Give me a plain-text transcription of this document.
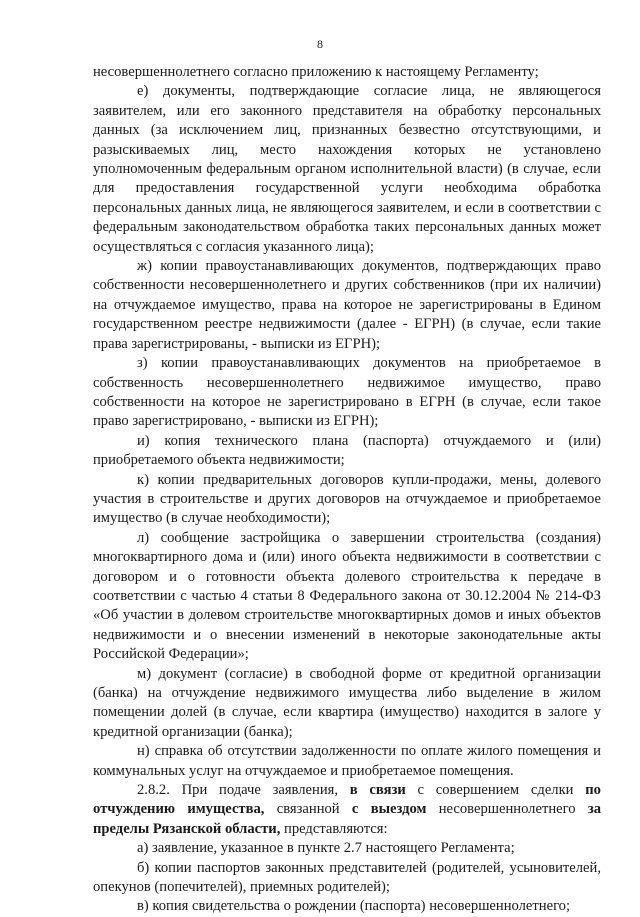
8

несовершеннолетнего согласно приложению к настоящему Регламенту;

е) документы, подтверждающие согласие лица, не являющегося заявителем, или его законного представителя на обработку персональных данных (за исключением лиц, признанных безвестно отсутствующими, и разыскиваемых лиц, место нахождения которых не установлено уполномоченным федеральным органом исполнительной власти) (в случае, если для предоставления государственной услуги необходима обработка персональных данных лица, не являющегося заявителем, и если в соответствии с федеральным законодательством обработка таких персональных данных может осуществляться с согласия указанного лица);

ж) копии правоустанавливающих документов, подтверждающих право собственности несовершеннолетнего и других собственников (при их наличии) на отчуждаемое имущество, права на которое не зарегистрированы в Едином государственном реестре недвижимости (далее - ЕГРН) (в случае, если такие права зарегистрированы, - выписки из ЕГРН);

з) копии правоустанавливающих документов на приобретаемое в собственность несовершеннолетнего недвижимое имущество, право собственности на которое не зарегистрировано в ЕГРН (в случае, если такое право зарегистрировано, - выписки из ЕГРН);

и) копия технического плана (паспорта) отчуждаемого и (или) приобретаемого объекта недвижимости;

к) копии предварительных договоров купли-продажи, мены, долевого участия в строительстве и других договоров на отчуждаемое и приобретаемое имущество (в случае необходимости);

л) сообщение застройщика о завершении строительства (создания) многоквартирного дома и (или) иного объекта недвижимости в соответствии с договором и о готовности объекта долевого строительства к передаче в соответствии с частью 4 статьи 8 Федерального закона от 30.12.2004 № 214-ФЗ «Об участии в долевом строительстве многоквартирных домов и иных объектов недвижимости и о внесении изменений в некоторые законодательные акты Российской Федерации»;

м) документ (согласие) в свободной форме от кредитной организации (банка) на отчуждение недвижимого имущества либо выделение в жилом помещении долей (в случае, если квартира (имущество) находится в залоге у кредитной организации (банка);

н) справка об отсутствии задолженности по оплате жилого помещения и коммунальных услуг на отчуждаемое и приобретаемое помещения.

2.8.2. При подаче заявления, в связи с совершением сделки по отчуждению имущества, связанной с выездом несовершеннолетнего за пределы Рязанской области, представляются:

а) заявление, указанное в пункте 2.7 настоящего Регламента;

б) копии паспортов законных представителей (родителей, усыновителей, опекунов (попечителей), приемных родителей);

в) копия свидетельства о рождении (паспорта) несовершеннолетнего;
